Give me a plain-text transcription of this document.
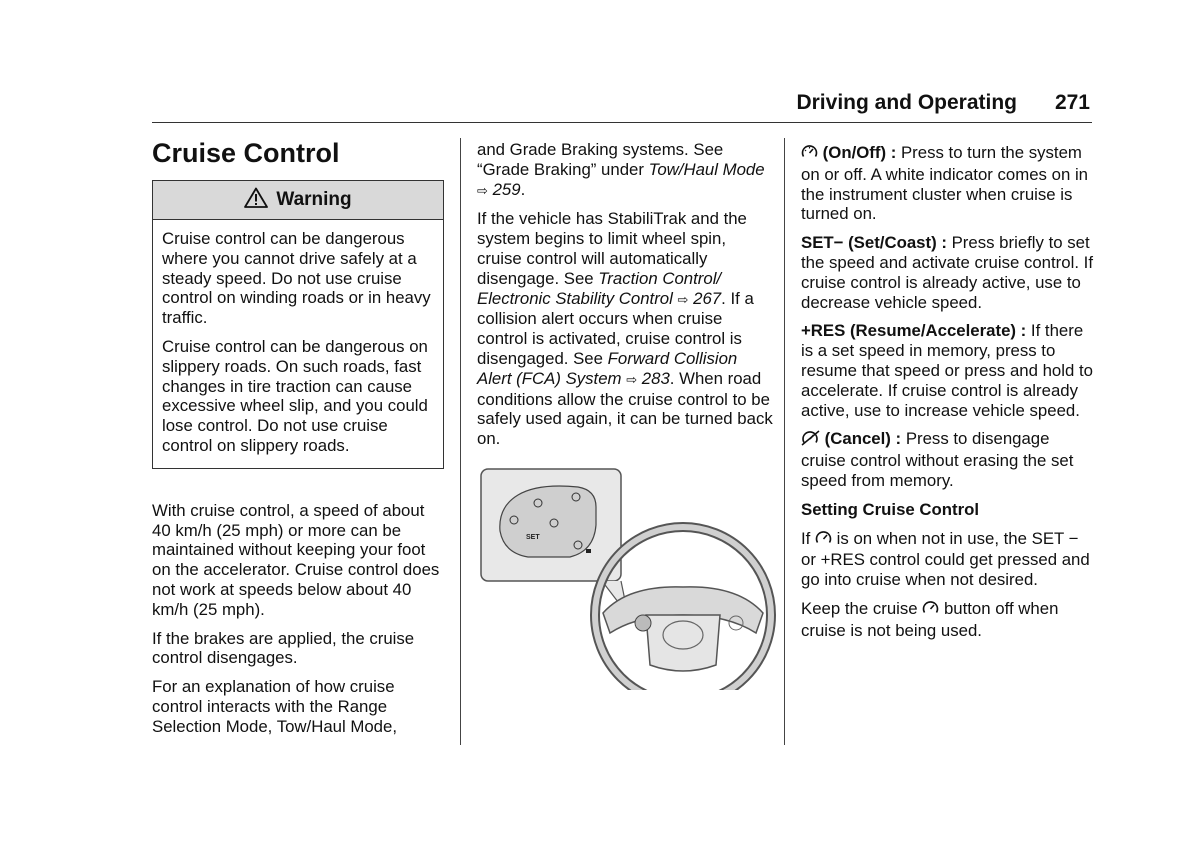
Driving and Operating 271
Cruise Control
Warning

Cruise control can be dangerous where you cannot drive safely at a steady speed. Do not use cruise control on winding roads or in heavy traffic.

Cruise control can be dangerous on slippery roads. On such roads, fast changes in tire traction can cause excessive wheel slip, and you could lose control. Do not use cruise control on slippery roads.

With cruise control, a speed of about 40 km/h (25 mph) or more can be maintained without keeping your foot on the accelerator. Cruise control does not work at speeds below about 40 km/h (25 mph).

If the brakes are applied, the cruise control disengages.

For an explanation of how cruise control interacts with the Range Selection Mode, Tow/Haul Mode,

and Grade Braking systems. See “Grade Braking” under Tow/Haul Mode ⇨ 259.

If the vehicle has StabiliTrak and the system begins to limit wheel spin, cruise control will automatically disengage. See Traction Control/ Electronic Stability Control ⇨ 267. If a collision alert occurs when cruise control is activated, cruise control is disengaged. See Forward Collision Alert (FCA) System ⇨ 283. When road conditions allow the cruise control to be safely used again, it can be turned back on.

SET

(On/Off) : Press to turn the system on or off. A white indicator comes on in the instrument cluster when cruise is turned on.

SET− (Set/Coast) : Press briefly to set the speed and activate cruise control. If cruise control is already active, use to decrease vehicle speed.

+RES (Resume/Accelerate) : If there is a set speed in memory, press to resume that speed or press and hold to accelerate. If cruise control is already active, use to increase vehicle speed.

(Cancel) : Press to disengage cruise control without erasing the set speed from memory.

Setting Cruise Control

If  is on when not in use, the SET − or +RES control could get pressed and go into cruise when not desired.

Keep the cruise  button off when cruise is not being used.
